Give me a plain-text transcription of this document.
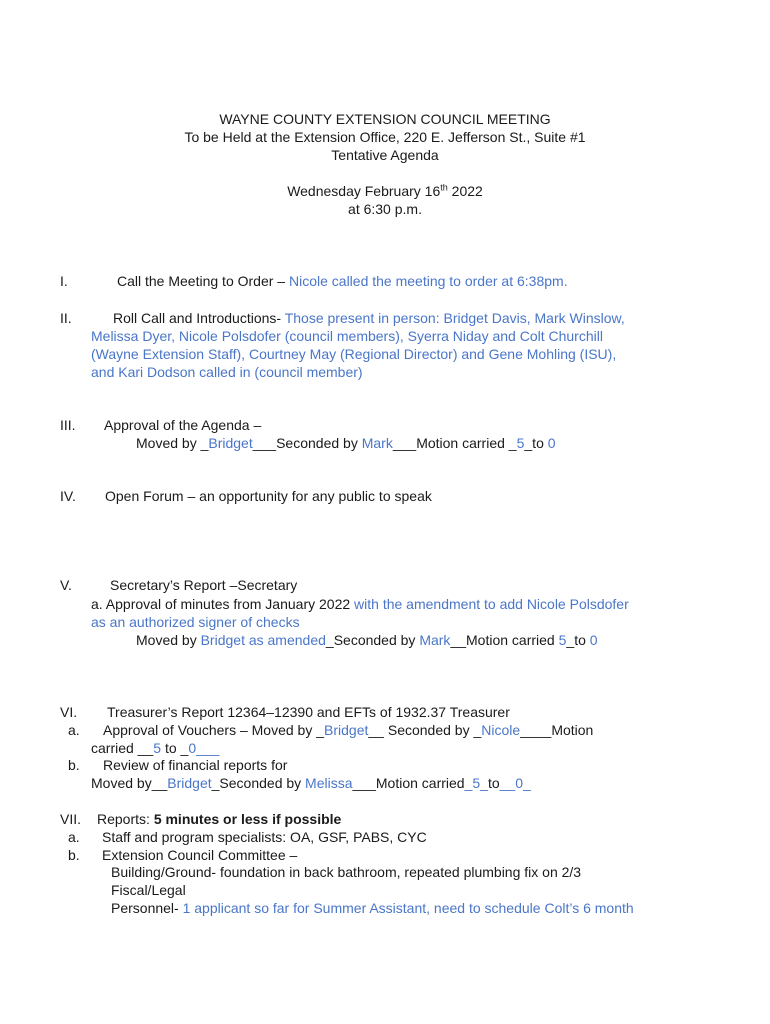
WAYNE COUNTY EXTENSION COUNCIL MEETING
To be Held at the Extension Office, 220 E. Jefferson St., Suite #1
Tentative Agenda
Wednesday February 16th 2022
at 6:30 p.m.
I.	Call the Meeting to Order – Nicole called the meeting to order at 6:38pm.
II.	Roll Call and Introductions- Those present in person: Bridget Davis, Mark Winslow,
Melissa Dyer, Nicole Polsdofer (council members), Syerra Niday and Colt Churchill
(Wayne Extension Staff), Courtney May (Regional Director) and Gene Mohling (ISU),
and Kari Dodson called in (council member)
III. Approval of the Agenda –
Moved by _Bridget___Seconded by Mark___Motion carried _5_to 0
IV. Open Forum – an opportunity for any public to speak
V.	Secretary’s Report –Secretary
a. Approval of minutes from January 2022 with the amendment to add Nicole Polsdofer
as an authorized signer of checks
Moved by Bridget as amended_Seconded by Mark__Motion carried 5_to 0
VI. Treasurer’s Report 12364–12390 and EFTs of 1932.37 Treasurer
a. Approval of Vouchers – Moved by _Bridget__ Seconded by _Nicole____Motion
carried __5 to _0___
b. Review of financial reports for
Moved by__Bridget_Seconded by Melissa___Motion carried_5_to__0_
VII. Reports: 5 minutes or less if possible
a. Staff and program specialists: OA, GSF, PABS, CYC
b. Extension Council Committee –
Building/Ground- foundation in back bathroom, repeated plumbing fix on 2/3
Fiscal/Legal
Personnel- 1 applicant so far for Summer Assistant, need to schedule Colt’s 6 month
